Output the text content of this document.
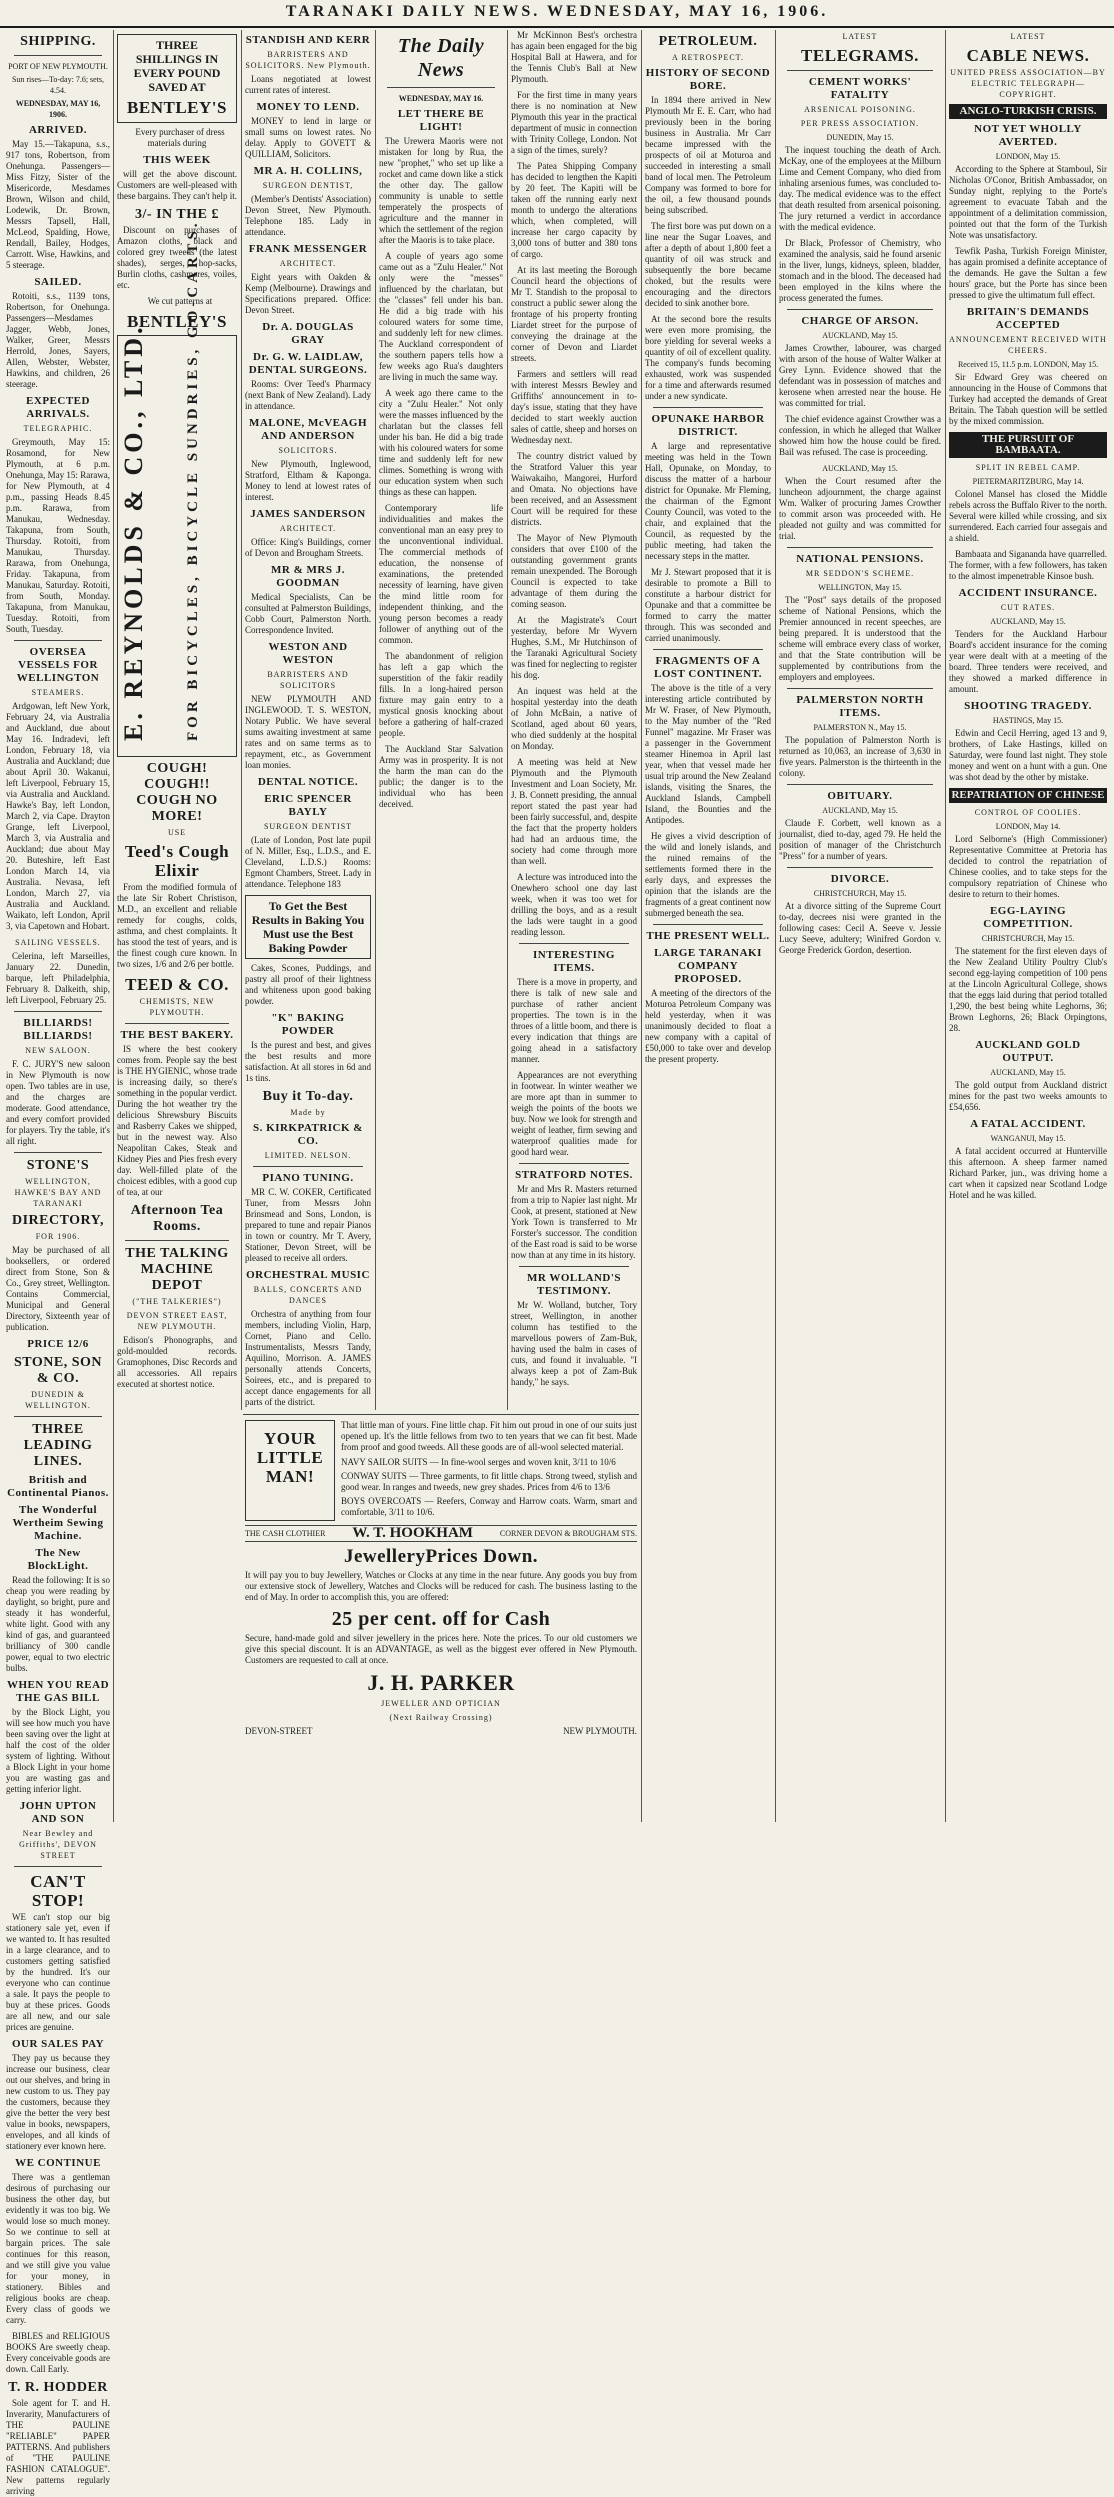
TARANAKI DAILY NEWS. WEDNESDAY, MAY 16, 1906.
SHIPPING.
PORT OF NEW PLYMOUTH.
Sun rises—To-day: 7.6; sets, 4.54.
WEDNESDAY, MAY 16, 1906.
ARRIVED.

May 15.—Takapuna, s.s., 917 tons, Robertson, from Onehunga. Passengers—Miss Fitzy, Sister of the Misericorde, Mesdames Brown, Wilson and child, Lodewik, Dr. Brown, Messrs Tapsell, Hall, McLeod, Spalding, Howe, Rendall, Bailey, Hodges, Carrott. Wise, Hawkins, and 5 steerage.

SAILED.

Rotoiti, s.s., 1139 tons, Robertson, for Onehunga. Passengers—Mesdames Jagger, Webb, Jones, Walker, Greer, Messrs Herrold, Jones, Sayers, Allen, Webster, Webster, Hawkins, and children, 26 steerage.

EXPECTED ARRIVALS.
TELEGRAPHIC.

Greymouth, May 15: Rosamond, for New Plymouth, at 6 p.m. Onehunga, May 15: Rarawa, for New Plymouth, at 4 p.m., passing Heads 8.45 p.m. Rarawa, from Manukau, Wednesday. Takapuna, from South, Thursday. Rotoiti, from Manukau, Thursday. Rarawa, from Onehunga, Friday. Takapuna, from Manukau, Saturday. Rotoiti, from South, Monday. Takapuna, from Manukau, Tuesday. Rotoiti, from South, Tuesday.

OVERSEA VESSELS FOR WELLINGTON
STEAMERS.

Ardgowan, left New York, February 24, via Australia and Auckland, due about May 16. Indradevi, left London, February 18, via Australia and Auckland; due about April 30. Wakanui, left Liverpool, February 15, via Australia and Auckland. Hawke's Bay, left London, March 2, via Cape. Drayton Grange, left Liverpool, March 3, via Australia and Auckland; due about May 20. Buteshire, left East London March 14, via Australia. Nevasa, left London, March 27, via Australia and Auckland. Waikato, left London, April 3, via Capetown and Hobart.

SAILING VESSELS.

Celerina, left Marseilles, January 22. Dunedin, barque, left Philadelphia, February 8. Dalkeith, ship, left Liverpool, February 25.

BILLIARDS! BILLIARDS!
NEW SALOON.

F. C. JURY'S new saloon in New Plymouth is now open. Two tables are in use, and the charges are moderate. Good attendance, and every comfort provided for players. Try the table, it's all right.

STONE'S
WELLINGTON, HAWKE'S BAY AND TARANAKI
DIRECTORY,
FOR 1906.

May be purchased of all booksellers, or ordered direct from Stone, Son & Co., Grey street, Wellington. Contains Commercial, Municipal and General Directory, Sixteenth year of publication.

PRICE 12/6
STONE, SON & CO.
DUNEDIN & WELLINGTON.
THREE LEADING LINES.
British and Continental Pianos.
The Wonderful Wertheim Sewing Machine.
The New BlockLight.

Read the following: It is so cheap you were reading by daylight, so bright, pure and steady it has wonderful, white light. Good with any kind of gas, and guaranteed brilliancy of 300 candle power, equal to two electric bulbs.

WHEN YOU READ THE GAS BILL

by the Block Light, you will see how much you have been saving over the light at half the cost of the older system of lighting. Without a Block Light in your home you are wasting gas and getting inferior light.

JOHN UPTON AND SON
Near Bewley and Griffiths', DEVON STREET
CAN'T STOP!

WE can't stop our big stationery sale yet, even if we wanted to. It has resulted in a large clearance, and to customers getting satisfied by the hundred. It's our everyone who can continue a sale. It pays the people to buy at these prices. Goods are all new, and our sale prices are genuine.

OUR SALES PAY

They pay us because they increase our business, clear out our shelves, and bring in new custom to us. They pay the customers, because they give the better the very best value in books, newspapers, envelopes, and all kinds of stationery ever known here.

WE CONTINUE

There was a gentleman desirous of purchasing our business the other day, but evidently it was too big. We would lose so much money. So we continue to sell at bargain prices. The sale continues for this reason, and we still give you value for your money, in stationery. Bibles and religious books are cheap. Every class of goods we carry.

BIBLES and RELIGIOUS BOOKS Are sweetly cheap. Every conceivable goods are down. Call Early.

T. R. HODDER

Sole agent for T. and H. Inverarity, Manufacturers of THE PAULINE "RELIABLE" PAPER PATTERNS. And publishers of "THE PAULINE FASHION CATALOGUE". New patterns regularly arriving

THREE SHILLINGS IN EVERY POUND SAVED AT
BENTLEY'S

Every purchaser of dress materials during

THIS WEEK

will get the above discount. Customers are well-pleased with these bargains. They can't help it.

3/- IN THE £

Discount on purchases of Amazon cloths, black and colored grey tweeds (the latest shades), serges, hop-sacks, Burlin cloths, cashmeres, voiles, etc.

We cut patterns at

BENTLEY'S
E. REYNOLDS & CO., LTD. FOR BICYCLES, BICYCLE SUNDRIES, GO-CARTS.
COUGH! COUGH!! COUGH NO MORE!
USE
Teed's Cough Elixir

From the modified formula of the late Sir Robert Christison, M.D., an excellent and reliable remedy for coughs, colds, asthma, and chest complaints. It has stood the test of years, and is the finest cough cure known. In two sizes, 1/6 and 2/6 per bottle.

TEED & CO.
CHEMISTS, NEW PLYMOUTH.
THE BEST BAKERY.

IS where the best cookery comes from. People say the best is THE HYGIENIC, whose trade is increasing daily, so there's something in the popular verdict. During the hot weather try the delicious Shrewsbury Biscuits and Rasberry Cakes we shipped, but in the newest way. Also Neapolitan Cakes, Steak and Kidney Pies and Pies fresh every day. Well-filled plate of the choicest edibles, with a good cup of tea, at our

Afternoon Tea Rooms.
THE TALKING MACHINE DEPOT
("THE TALKERIES")
DEVON STREET EAST, NEW PLYMOUTH.

Edison's Phonographs, and gold-moulded records. Gramophones, Disc Records and all accessories. All repairs executed at shortest notice.

STANDISH AND KERR
BARRISTERS AND SOLICITORS. New Plymouth.

Loans negotiated at lowest current rates of interest.

MONEY TO LEND.

MONEY to lend in large or small sums on lowest rates. No delay. Apply to GOVETT & QUILLIAM, Solicitors.

MR A. H. COLLINS,
SURGEON DENTIST,

(Member's Dentists' Association) Devon Street, New Plymouth. Telephone 185. Lady in attendance.

FRANK MESSENGER
ARCHITECT.

Eight years with Oakden & Kemp (Melbourne). Drawings and Specifications prepared. Office: Devon Street.

Dr. A. DOUGLAS GRAY
Dr. G. W. LAIDLAW, DENTAL SURGEONS.

Rooms: Over Teed's Pharmacy (next Bank of New Zealand). Lady in attendance.

MALONE, McVEAGH AND ANDERSON
SOLICITORS.

New Plymouth, Inglewood, Stratford, Eltham & Kaponga. Money to lend at lowest rates of interest.

JAMES SANDERSON
ARCHITECT.

Office: King's Buildings, corner of Devon and Brougham Streets.

MR & MRS J. GOODMAN

Medical Specialists, Can be consulted at Palmerston Buildings, Cobb Court, Palmerston North. Correspondence Invited.

WESTON AND WESTON
BARRISTERS AND SOLICITORS

NEW PLYMOUTH AND INGLEWOOD. T. S. WESTON, Notary Public. We have several sums awaiting investment at same rates and on same terms as to repayment, etc., as Government loan monies.

DENTAL NOTICE.
ERIC SPENCER BAYLY
SURGEON DENTIST

(Late of London, Post late pupil of N. Miller, Esq., L.D.S., and E. Cleveland, L.D.S.) Rooms: Egmont Chambers, Street. Lady in attendance. Telephone 183

To Get the Best Results in Baking You Must use the Best Baking Powder

Cakes, Scones, Puddings, and pastry all proof of their lightness and whiteness upon good baking powder.

"K" BAKING POWDER

Is the purest and best, and gives the best results and more satisfaction. At all stores in 6d and 1s tins.

Buy it To-day.
Made by
S. KIRKPATRICK & CO.
LIMITED. NELSON.
PIANO TUNING.

MR C. W. COKER, Certificated Tuner, from Messrs John Brinsmead and Sons, London, is prepared to tune and repair Pianos in town or country. Mr T. Avery, Stationer, Devon Street, will be pleased to receive all orders.

ORCHESTRAL MUSIC
BALLS, CONCERTS AND DANCES

Orchestra of anything from four members, including Violin, Harp, Cornet, Piano and Cello. Instrumentalists, Messrs Tandy, Aquilino, Morrison. A. JAMES personally attends Concerts, Soirees, etc., and is prepared to accept dance engagements for all parts of the district.

The Daily News
WEDNESDAY, MAY 16.
LET THERE BE LIGHT!

The Urewera Maoris were not mistaken for long by Rua, the new "prophet," who set up like a rocket and came down like a stick the other day. The gallow community is unable to settle temperately the prospects of agriculture and the manner in which the settlement of the region after the Maoris is to take place.

A couple of years ago some came out as a "Zulu Healer." Not only were the "messes" influenced by the charlatan, but the "classes" fell under his ban. He did a big trade with his coloured waters for some time, and suddenly left for new climes. The Auckland correspondent of the southern papers tells how a few weeks ago Rua's daughters are living in much the same way.

A week ago there came to the city a "Zulu Healer." Not only were the masses influenced by the charlatan but the classes fell under his ban. He did a big trade with his coloured waters for some time and suddenly left for new climes. Something is wrong with our education system when such things as these can happen.

Contemporary life individualities and makes the conventional man an easy prey to the unconventional individual. The commercial methods of education, the nonsense of examinations, the pretended necessity of learning, have given the mind little room for independent thinking, and the young person becomes a ready follower of anything out of the common.

The abandonment of religion has left a gap which the superstition of the fakir readily fills. In a long-haired person fixture may gain entry to a mystical gnosis knocking about before a gathering of half-crazed people.

The Auckland Star Salvation Army was in prosperity. It is not the harm the man can do the public; the danger is to the individual who has been deceived.

Mr McKinnon Best's orchestra has again been engaged for the big Hospital Ball at Hawera, and for the Tennis Club's Ball at New Plymouth.

For the first time in many years there is no nomination at New Plymouth this year in the practical department of music in connection with Trinity College, London. Not a sign of the times, surely?

The Patea Shipping Company has decided to lengthen the Kapiti by 20 feet. The Kapiti will be taken off the running early next month to undergo the alterations which, when completed, will increase her cargo capacity by 3,000 tons of butter and 380 tons of cargo.

At its last meeting the Borough Council heard the objections of Mr T. Standish to the proposal to construct a public sewer along the frontage of his property fronting Liardet street for the purpose of conveying the drainage at the corner of Devon and Liardet streets.

Farmers and settlers will read with interest Messrs Bewley and Griffiths' announcement in to-day's issue, stating that they have decided to start weekly auction sales of cattle, sheep and horses on Wednesday next.

The country district valued by the Stratford Valuer this year Waiwakaiho, Mangorei, Hurford and Omata. No objections have been received, and an Assessment Court will be required for these districts.

The Mayor of New Plymouth considers that over £100 of the outstanding government grants remain unexpended. The Borough Council is expected to take advantage of them during the coming season.

At the Magistrate's Court yesterday, before Mr Wyvern Hughes, S.M., Mr Hutchinson of the Taranaki Agricultural Society was fined for neglecting to register his dog.

An inquest was held at the hospital yesterday into the death of John McBain, a native of Scotland, aged about 60 years, who died suddenly at the hospital on Monday.

A meeting was held at New Plymouth and the Plymouth Investment and Loan Society, Mr. J. B. Connett presiding, the annual report stated the past year had been fairly successful, and, despite the fact that the property holders had had an arduous time, the society had come through more than well.

A lecture was introduced into the Onewhero school one day last week, when it was too wet for drilling the boys, and as a result the lads were taught in a good reading lesson.

INTERESTING ITEMS.

There is a move in property, and there is talk of new sale and purchase of rather ancient properties. The town is in the throes of a little boom, and there is every indication that things are going ahead in a satisfactory manner.

Appearances are not everything in footwear. In winter weather we are more apt than in summer to weigh the points of the boots we buy. Now we look for strength and weight of leather, firm sewing and waterproof qualities made for good hard wear.

STRATFORD NOTES.

Mr and Mrs R. Masters returned from a trip to Napier last night. Mr Cook, at present, stationed at New York Town is transferred to Mr Forster's successor. The condition of the East road is said to be worse now than at any time in its history.

MR WOLLAND'S TESTIMONY.

Mr W. Wolland, butcher, Tory street, Wellington, in another column has testified to the marvellous powers of Zam-Buk, having used the balm in cases of cuts, and found it invaluable. "I always keep a pot of Zam-Buk handy," he says.

PETROLEUM.
A RETROSPECT.
HISTORY OF SECOND BORE.

In 1894 there arrived in New Plymouth Mr E. E. Carr, who had previously been in the boring business in Australia. Mr Carr became impressed with the prospects of oil at Moturoa and succeeded in interesting a small band of local men. The Petroleum Company was formed to bore for the oil, a few thousand pounds being subscribed.

The first bore was put down on a line near the Sugar Loaves, and after a depth of about 1,800 feet a quantity of oil was struck and subsequently the bore became choked, but the results were encouraging and the directors decided to sink another bore.

At the second bore the results were even more promising, the bore yielding for several weeks a quantity of oil of excellent quality. The company's funds becoming exhausted, work was suspended for a time and afterwards resumed under a new syndicate.

OPUNAKE HARBOR DISTRICT.

A large and representative meeting was held in the Town Hall, Opunake, on Monday, to discuss the matter of a harbour district for Opunake. Mr Fleming, the chairman of the Egmont County Council, was voted to the chair, and explained that the Council, as requested by the public meeting, had taken the necessary steps in the matter.

Mr J. Stewart proposed that it is desirable to promote a Bill to constitute a harbour district for Opunake and that a committee be formed to carry the matter through. This was seconded and carried unanimously.

FRAGMENTS OF A LOST CONTINENT.

The above is the title of a very interesting article contributed by Mr W. Fraser, of New Plymouth, to the May number of the "Red Funnel" magazine. Mr Fraser was a passenger in the Government steamer Hinemoa in April last year, when that vessel made her usual trip around the New Zealand islands, visiting the Snares, the Auckland Islands, Campbell Island, the Bounties and the Antipodes.

He gives a vivid description of the wild and lonely islands, and the ruined remains of the settlements formed there in the early days, and expresses the opinion that the islands are the fragments of a great continent now submerged beneath the sea.

THE PRESENT WELL.
LARGE TARANAKI COMPANY PROPOSED.

A meeting of the directors of the Moturoa Petroleum Company was held yesterday, when it was unanimously decided to float a new company with a capital of £50,000 to take over and develop the present property.

LATEST
TELEGRAMS.
CEMENT WORKS' FATALITY
ARSENICAL POISONING.
PER PRESS ASSOCIATION.
DUNEDIN, May 15.

The inquest touching the death of Arch. McKay, one of the employees at the Milburn Lime and Cement Company, who died from inhaling arsenious fumes, was concluded to-day. The medical evidence was to the effect that death resulted from arsenical poisoning. The jury returned a verdict in accordance with the medical evidence.

Dr Black, Professor of Chemistry, who examined the analysis, said he found arsenic in the liver, lungs, kidneys, spleen, bladder, stomach and in the blood. The deceased had been employed in the kilns where the process generated the fumes.

CHARGE OF ARSON.
AUCKLAND, May 15.

James Crowther, labourer, was charged with arson of the house of Walter Walker at Grey Lynn. Evidence showed that the defendant was in possession of matches and kerosene when arrested near the house. He was committed for trial.

The chief evidence against Crowther was a confession, in which he alleged that Walker showed him how the house could be fired. Bail was refused. The case is proceeding.

AUCKLAND, May 15.

When the Court resumed after the luncheon adjournment, the charge against Wm. Walker of procuring James Crowther to commit arson was proceeded with. He pleaded not guilty and was committed for trial.

NATIONAL PENSIONS.
MR SEDDON'S SCHEME.
WELLINGTON, May 15.

The "Post" says details of the proposed scheme of National Pensions, which the Premier announced in recent speeches, are being prepared. It is understood that the scheme will embrace every class of worker, and that the State contribution will be supplemented by contributions from the employers and employees.

PALMERSTON NORTH ITEMS.
PALMERSTON N., May 15.

The population of Palmerston North is returned as 10,063, an increase of 3,630 in five years. Palmerston is the thirteenth in the colony.

OBITUARY.
AUCKLAND, May 15.

Claude F. Corbett, well known as a journalist, died to-day, aged 79. He held the position of manager of the Christchurch "Press" for a number of years.

DIVORCE.
CHRISTCHURCH, May 15.

At a divorce sitting of the Supreme Court to-day, decrees nisi were granted in the following cases: Cecil A. Seeve v. Jessie Lucy Seeve, adultery; Winifred Gordon v. George Frederick Gordon, desertion.

LATEST
CABLE NEWS.
UNITED PRESS ASSOCIATION—BY ELECTRIC TELEGRAPH—COPYRIGHT.
ANGLO-TURKISH CRISIS.
NOT YET WHOLLY AVERTED.
LONDON, May 15.

According to the Sphere at Stamboul, Sir Nicholas O'Conor, British Ambassador, on Sunday night, replying to the Porte's agreement to evacuate Tabah and the appointment of a delimitation commission, pointed out that the form of the Turkish Note was unsatisfactory.

Tewfik Pasha, Turkish Foreign Minister, has again promised a definite acceptance of the demands. He gave the Sultan a few hours' grace, but the Porte has since been pressed to give the ultimatum full effect.

BRITAIN'S DEMANDS ACCEPTED
ANNOUNCEMENT RECEIVED WITH CHEERS.
Received 15, 11.5 p.m. LONDON, May 15.

Sir Edward Grey was cheered on announcing in the House of Commons that Turkey had accepted the demands of Great Britain. The Tabah question will be settled by the mixed commission.

THE PURSUIT OF BAMBAATA.
SPLIT IN REBEL CAMP.
PIETERMARITZBURG, May 14.

Colonel Mansel has closed the Middle rebels across the Buffalo River to the north. Several were killed while crossing, and six surrendered. Each carried four assegais and a shield.

Bambaata and Sigananda have quarrelled. The former, with a few followers, has taken to the almost impenetrable Kinsoe bush.

ACCIDENT INSURANCE.
CUT RATES.
AUCKLAND, May 15.

Tenders for the Auckland Harbour Board's accident insurance for the coming year were dealt with at a meeting of the board. Three tenders were received, and they showed a marked difference in amount.

SHOOTING TRAGEDY.
HASTINGS, May 15.

Edwin and Cecil Herring, aged 13 and 9, brothers, of Lake Hastings, killed on Saturday, were found last night. They stole money and went on a hunt with a gun. One was shot dead by the other by mistake.

REPATRIATION OF CHINESE
CONTROL OF COOLIES.
LONDON, May 14.

Lord Selborne's (High Commissioner) Representative Committee at Pretoria has decided to control the repatriation of Chinese coolies, and to take steps for the compulsory repatriation of Chinese who desire to return to their homes.

EGG-LAYING COMPETITION.
CHRISTCHURCH, May 15.

The statement for the first eleven days of the New Zealand Utility Poultry Club's second egg-laying competition of 100 pens at the Lincoln Agricultural College, shows that the eggs laid during that period totalled 1,290, the best being white Leghorns, 36; Brown Leghorns, 26; Black Orpingtons, 28.

AUCKLAND GOLD OUTPUT.
AUCKLAND, May 15.

The gold output from Auckland district mines for the past two weeks amounts to £54,656.

A FATAL ACCIDENT.
WANGANUI, May 15.

A fatal accident occurred at Hunterville this afternoon. A sheep farmer named Richard Parker, jun., was driving home a cart when it capsized near Scotland Lodge Hotel and he was killed.

YOUR LITTLE MAN!

That little man of yours. Fine little chap. Fit him out proud in one of our suits just opened up. It's the little fellows from two to ten years that we can fit best. Made from proof and good tweeds. All these goods are of all-wool selected material.

NAVY SAILOR SUITS — In fine-wool serges and woven knit, 3/11 to 10/6

CONWAY SUITS — Three garments, to fit little chaps. Strong tweed, stylish and good wear. In ranges and tweeds, new grey shades. Prices from 4/6 to 13/6

BOYS OVERCOATS — Reefers, Conway and Harrow coats. Warm, smart and comfortable, 3/11 to 10/6.

THE CASH CLOTHIER W. T. HOOKHAM	CORNER DEVON & BROUGHAM STS.
JewelleryPrices Down.

It will pay you to buy Jewellery, Watches or Clocks at any time in the near future. Any goods you buy from our extensive stock of Jewellery, Watches and Clocks will be reduced for cash. The business lasting to the end of May. In order to accomplish this, you are offered:

25 per cent. off for Cash

Secure, hand-made gold and silver jewellery in the prices here. Note the prices. To our old customers we give this special discount. It is an ADVANTAGE, as well as the biggest ever offered in New Plymouth. Customers are requested to call at once.

J. H. PARKER
JEWELLER AND OPTICIAN
(Next Railway Crossing)
DEVON-STREET	NEW PLYMOUTH.
